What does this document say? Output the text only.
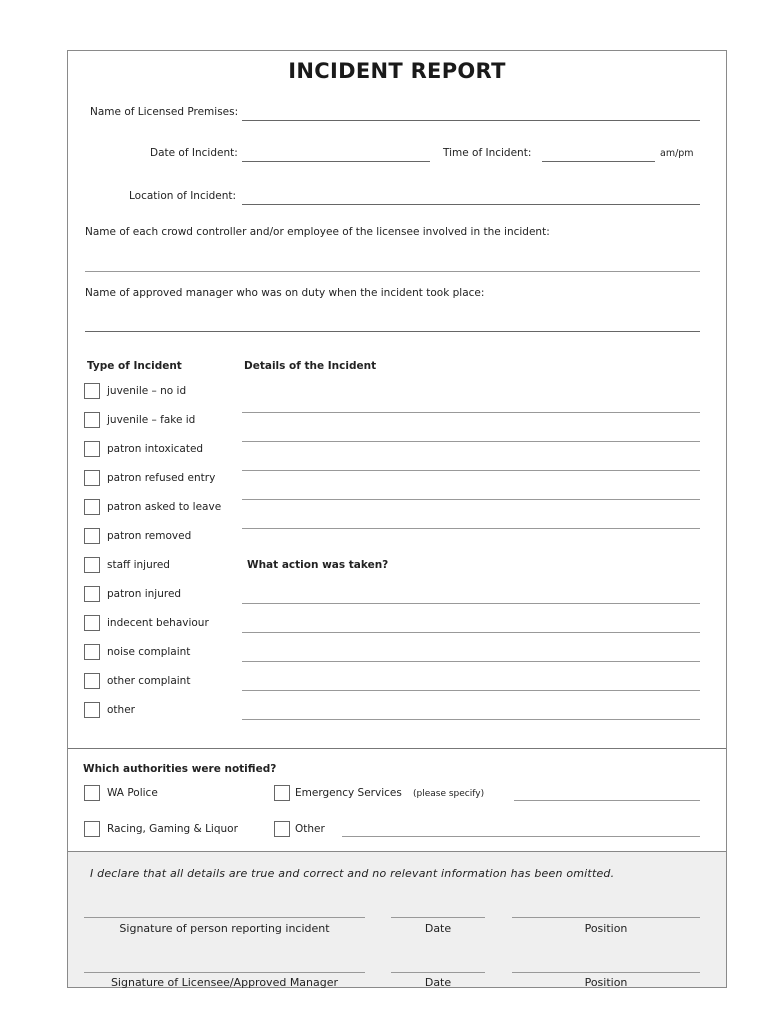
INCIDENT REPORT
Name of Licensed Premises:
Date of Incident:	Time of Incident:	am/pm
Location of Incident:
Name of each crowd controller and/or employee of the licensee involved in the incident:
Name of approved manager who was on duty when the incident took place:
Type of Incident	Details of the Incident
juvenile – no id
juvenile – fake id
patron intoxicated
patron refused entry
patron asked to leave
patron removed
staff injured
patron injured
indecent behaviour
noise complaint
other complaint
other
What action was taken?
Which authorities were notified?
WA Police	Emergency Services (please specify)
Racing, Gaming & Liquor	Other
I declare that all details are true and correct and no relevant information has been omitted.
Signature of person reporting incident	Date	Position
Signature of Licensee/Approved Manager	Date	Position
